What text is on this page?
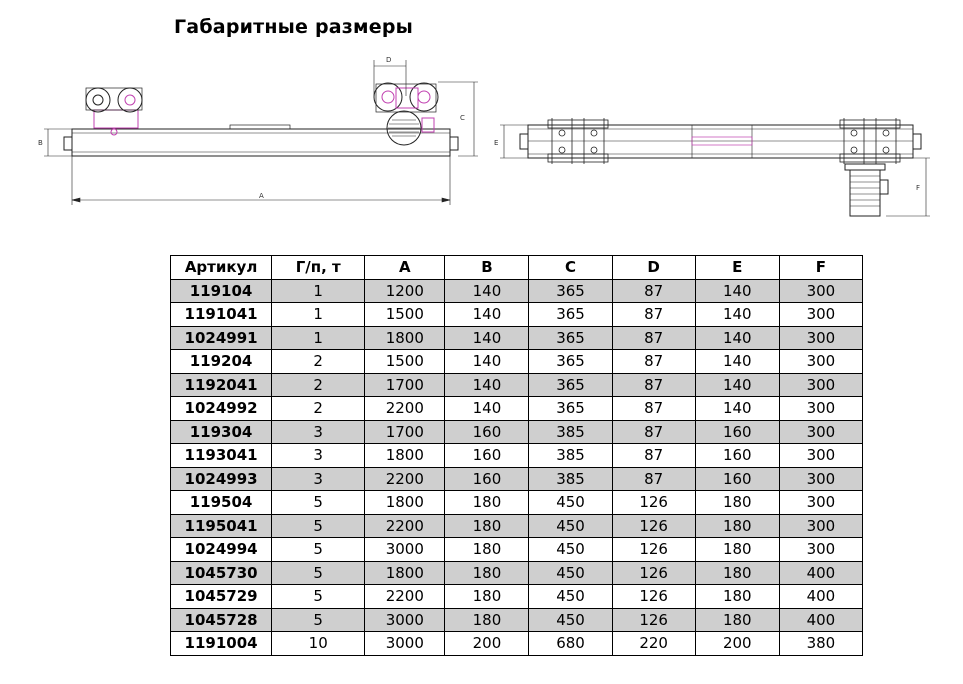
Габаритные размеры
A
B
C
D
E
F
Артикул	Г/п, т	A	B	C	D	E	F
119104	1	1200	140	365	87	140	300
1191041	1	1500	140	365	87	140	300
1024991	1	1800	140	365	87	140	300
119204	2	1500	140	365	87	140	300
1192041	2	1700	140	365	87	140	300
1024992	2	2200	140	365	87	140	300
119304	3	1700	160	385	87	160	300
1193041	3	1800	160	385	87	160	300
1024993	3	2200	160	385	87	160	300
119504	5	1800	180	450	126	180	300
1195041	5	2200	180	450	126	180	300
1024994	5	3000	180	450	126	180	300
1045730	5	1800	180	450	126	180	400
1045729	5	2200	180	450	126	180	400
1045728	5	3000	180	450	126	180	400
1191004	10	3000	200	680	220	200	380
